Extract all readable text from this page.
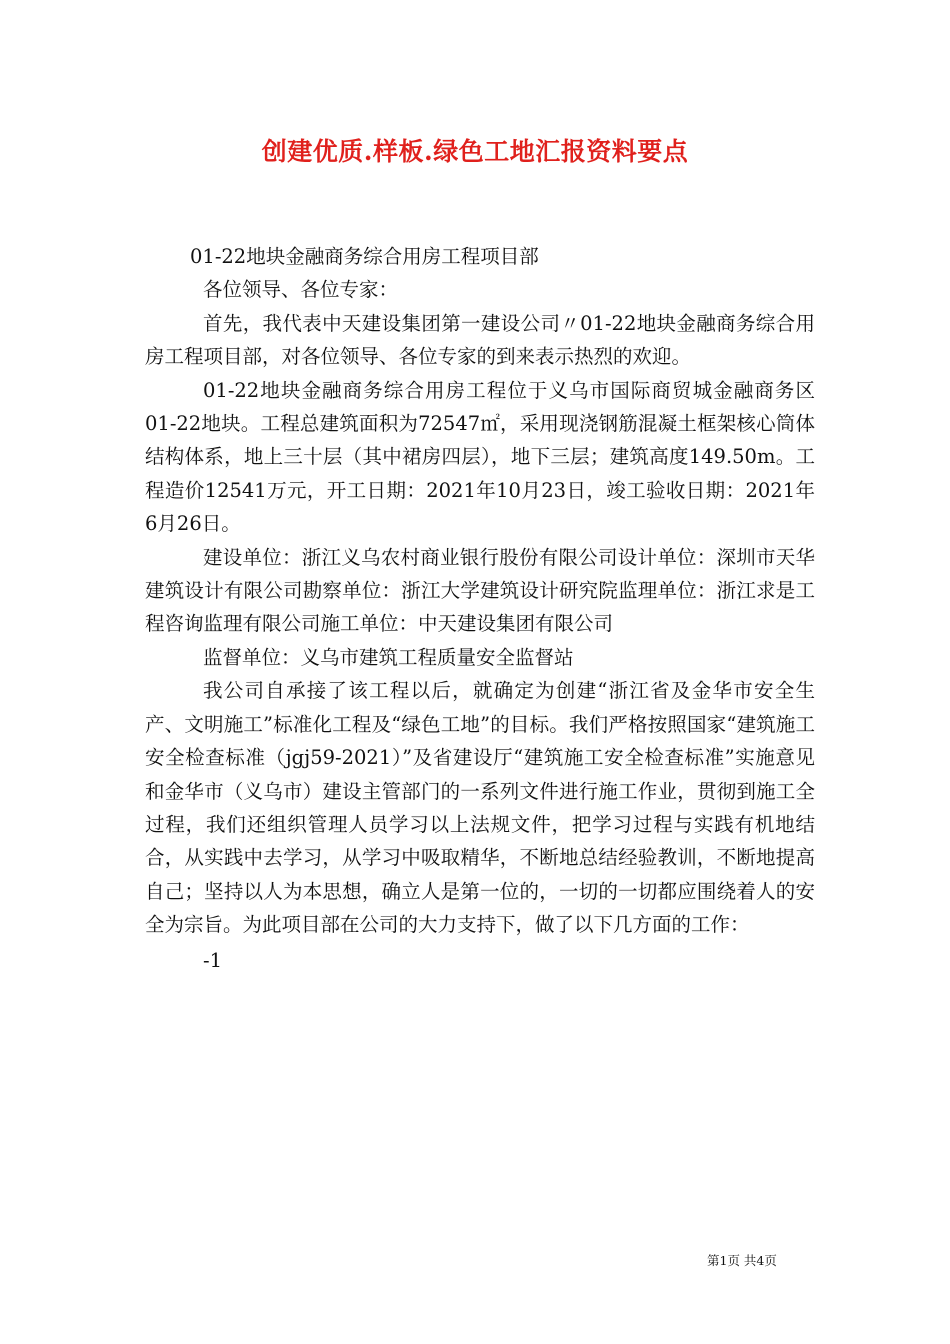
创建优质.样板.绿色工地汇报资料要点

01-22地块金融商务综合用房工程项目部

各位领导、各位专家：

首先，我代表中天建设集团第一建设公司〃01-22地块金融商务综合用房工程项目部，对各位领导、各位专家的到来表示热烈的欢迎。

01-22地块金融商务综合用房工程位于义乌市国际商贸城金融商务区01-22地块。工程总建筑面积为72547㎡，采用现浇钢筋混凝土框架核心筒体结构体系，地上三十层（其中裙房四层），地下三层；建筑高度149.50m。工程造价12541万元，开工日期：2021年10月23日，竣工验收日期：2021年6月26日。

建设单位：浙江义乌农村商业银行股份有限公司设计单位：深圳市天华建筑设计有限公司勘察单位：浙江大学建筑设计研究院监理单位：浙江求是工程咨询监理有限公司施工单位：中天建设集团有限公司

监督单位：义乌市建筑工程质量安全监督站

我公司自承接了该工程以后，就确定为创建“浙江省及金华市安全生产、文明施工”标准化工程及“绿色工地”的目标。我们严格按照国家“建筑施工安全检查标准（jgj59-2021）”及省建设厅“建筑施工安全检查标准”实施意见和金华市（义乌市）建设主管部门的一系列文件进行施工作业，贯彻到施工全过程，我们还组织管理人员学习以上法规文件，把学习过程与实践有机地结合，从实践中去学习，从学习中吸取精华，不断地总结经验教训，不断地提高自己；坚持以人为本思想，确立人是第一位的，一切的一切都应围绕着人的安全为宗旨。为此项目部在公司的大力支持下，做了以下几方面的工作：

-1

第1页 共4页
